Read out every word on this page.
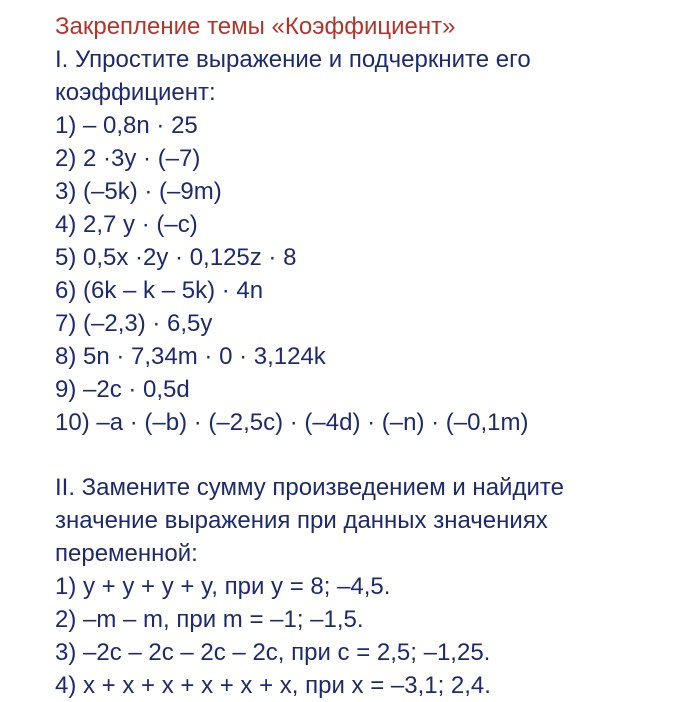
Закрепление темы «Коэффициент»
I. Упростите выражение и подчеркните его
коэффициент:
1) – 0,8n · 25
2) 2 ·3y · (–7)
3) (–5k) · (–9m)
4) 2,7 y · (–c)
5) 0,5x ·2y · 0,125z · 8
6) (6k – k – 5k) · 4n
7) (–2,3) · 6,5y
8) 5n · 7,34m · 0 · 3,124k
9) –2c · 0,5d
10) –a · (–b) · (–2,5c) · (–4d) · (–n) · (–0,1m)
II. Замените сумму произведением и найдите
значение выражения при данных значениях
переменной:
1) y + y + y + y, при y = 8; –4,5.
2) –m – m, при m = –1; –1,5.
3) –2c – 2c – 2c – 2c, при c = 2,5; –1,25.
4) x + x + x + x + x + x, при x = –3,1; 2,4.
